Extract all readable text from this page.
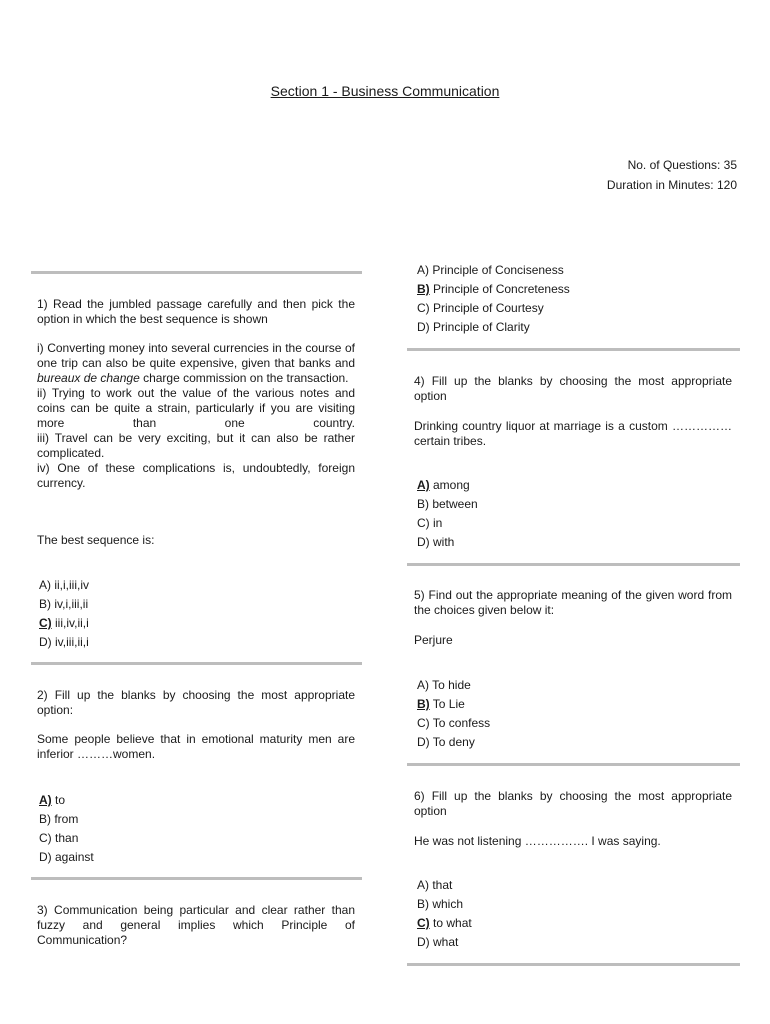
Section 1 - Business Communication
No. of Questions: 35
Duration in Minutes: 120

1) Read the jumbled passage carefully and then pick the option in which the best sequence is shown

i) Converting money into several currencies in the course of one trip can also be quite expensive, given that banks and bureaux de change charge commission on the transaction.

ii) Trying to work out the value of the various notes and coins can be quite a strain, particularly if you are visiting more than one country.

iii) Travel can be very exciting, but it can also be rather complicated.

iv) One of these complications is, undoubtedly, foreign currency.

The best sequence is:

A) ii,i,iii,iv

B) iv,i,iii,ii

C) iii,iv,ii,i

D) iv,iii,ii,i

2) Fill up the blanks by choosing the most appropriate option:

Some people believe that in emotional maturity men are inferior ………women.

A) to

B) from

C) than

D) against

3) Communication being particular and clear rather than fuzzy and general implies which Principle of Communication?

A) Principle of Conciseness

B) Principle of Concreteness

C) Principle of Courtesy

D) Principle of Clarity

4) Fill up the blanks by choosing the most appropriate option

Drinking country liquor at marriage is a custom …………… certain tribes.

A) among

B) between

C) in

D) with

5) Find out the appropriate meaning of the given word from the choices given below it:

Perjure

A) To hide

B) To Lie

C) To confess

D) To deny

6) Fill up the blanks by choosing the most appropriate option

He was not listening ……………. I was saying.

A) that

B) which

C) to what

D) what
